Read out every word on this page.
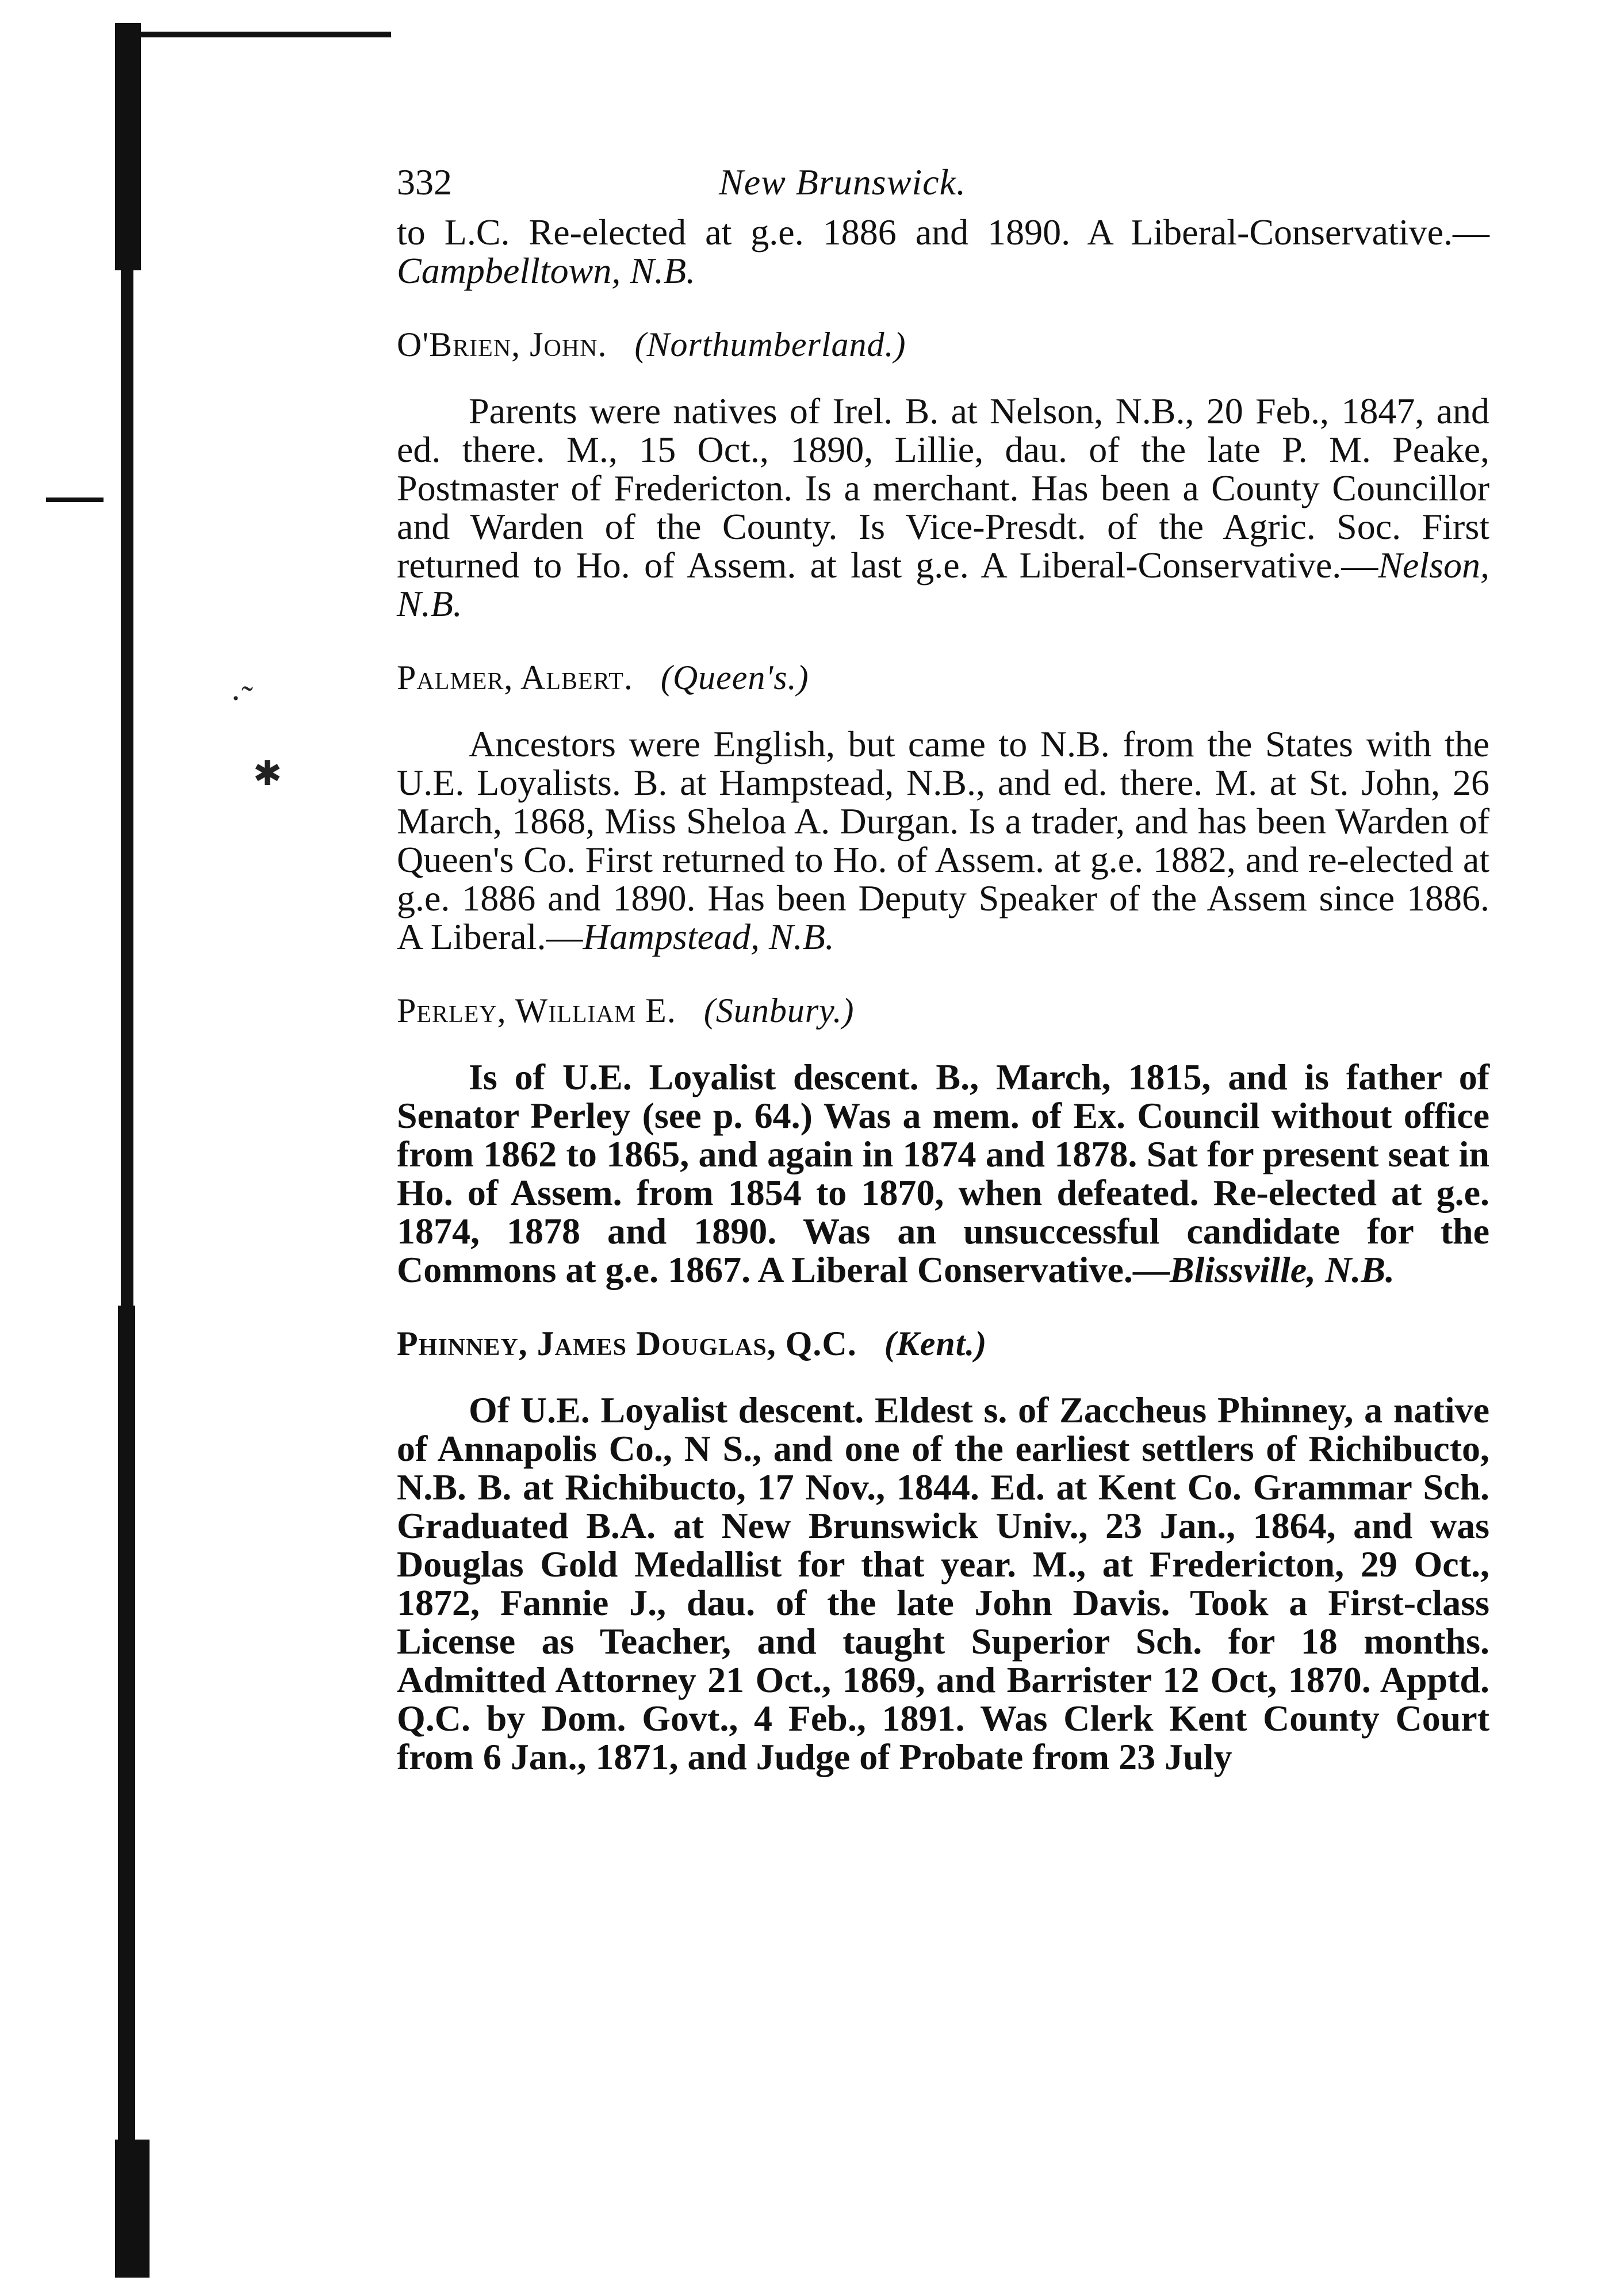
·˜
✱
332	New Brunswick.

to L.C. Re-elected at g.e. 1886 and 1890. A Liberal-Conservative.—Campbelltown, N.B.

O'Brien, John. (Northumberland.)

Parents were natives of Irel. B. at Nelson, N.B., 20 Feb., 1847, and ed. there. M., 15 Oct., 1890, Lillie, dau. of the late P. M. Peake, Postmaster of Fredericton. Is a merchant. Has been a County Councillor and Warden of the County. Is Vice-Presdt. of the Agric. Soc. First returned to Ho. of Assem. at last g.e. A Liberal-Conservative.—Nelson, N.B.

Palmer, Albert. (Queen's.)

Ancestors were English, but came to N.B. from the States with the U.E. Loyalists. B. at Hampstead, N.B., and ed. there. M. at St. John, 26 March, 1868, Miss Sheloa A. Durgan. Is a trader, and has been Warden of Queen's Co. First returned to Ho. of Assem. at g.e. 1882, and re-elected at g.e. 1886 and 1890. Has been Deputy Speaker of the Assem since 1886. A Liberal.—Hampstead, N.B.

Perley, William E. (Sunbury.)

Is of U.E. Loyalist descent. B., March, 1815, and is father of Senator Perley (see p. 64.) Was a mem. of Ex. Council without office from 1862 to 1865, and again in 1874 and 1878. Sat for present seat in Ho. of Assem. from 1854 to 1870, when defeated. Re-elected at g.e. 1874, 1878 and 1890. Was an unsuccessful candidate for the Commons at g.e. 1867. A Liberal Conservative.—Blissville, N.B.

Phinney, James Douglas, Q.C. (Kent.)

Of U.E. Loyalist descent. Eldest s. of Zaccheus Phinney, a native of Annapolis Co., N S., and one of the earliest settlers of Richibucto, N.B. B. at Richibucto, 17 Nov., 1844. Ed. at Kent Co. Grammar Sch. Graduated B.A. at New Brunswick Univ., 23 Jan., 1864, and was Douglas Gold Medallist for that year. M., at Fredericton, 29 Oct., 1872, Fannie J., dau. of the late John Davis. Took a First-class License as Teacher, and taught Superior Sch. for 18 months. Admitted Attorney 21 Oct., 1869, and Barrister 12 Oct, 1870. Apptd. Q.C. by Dom. Govt., 4 Feb., 1891. Was Clerk Kent County Court from 6 Jan., 1871, and Judge of Probate from 23 July
